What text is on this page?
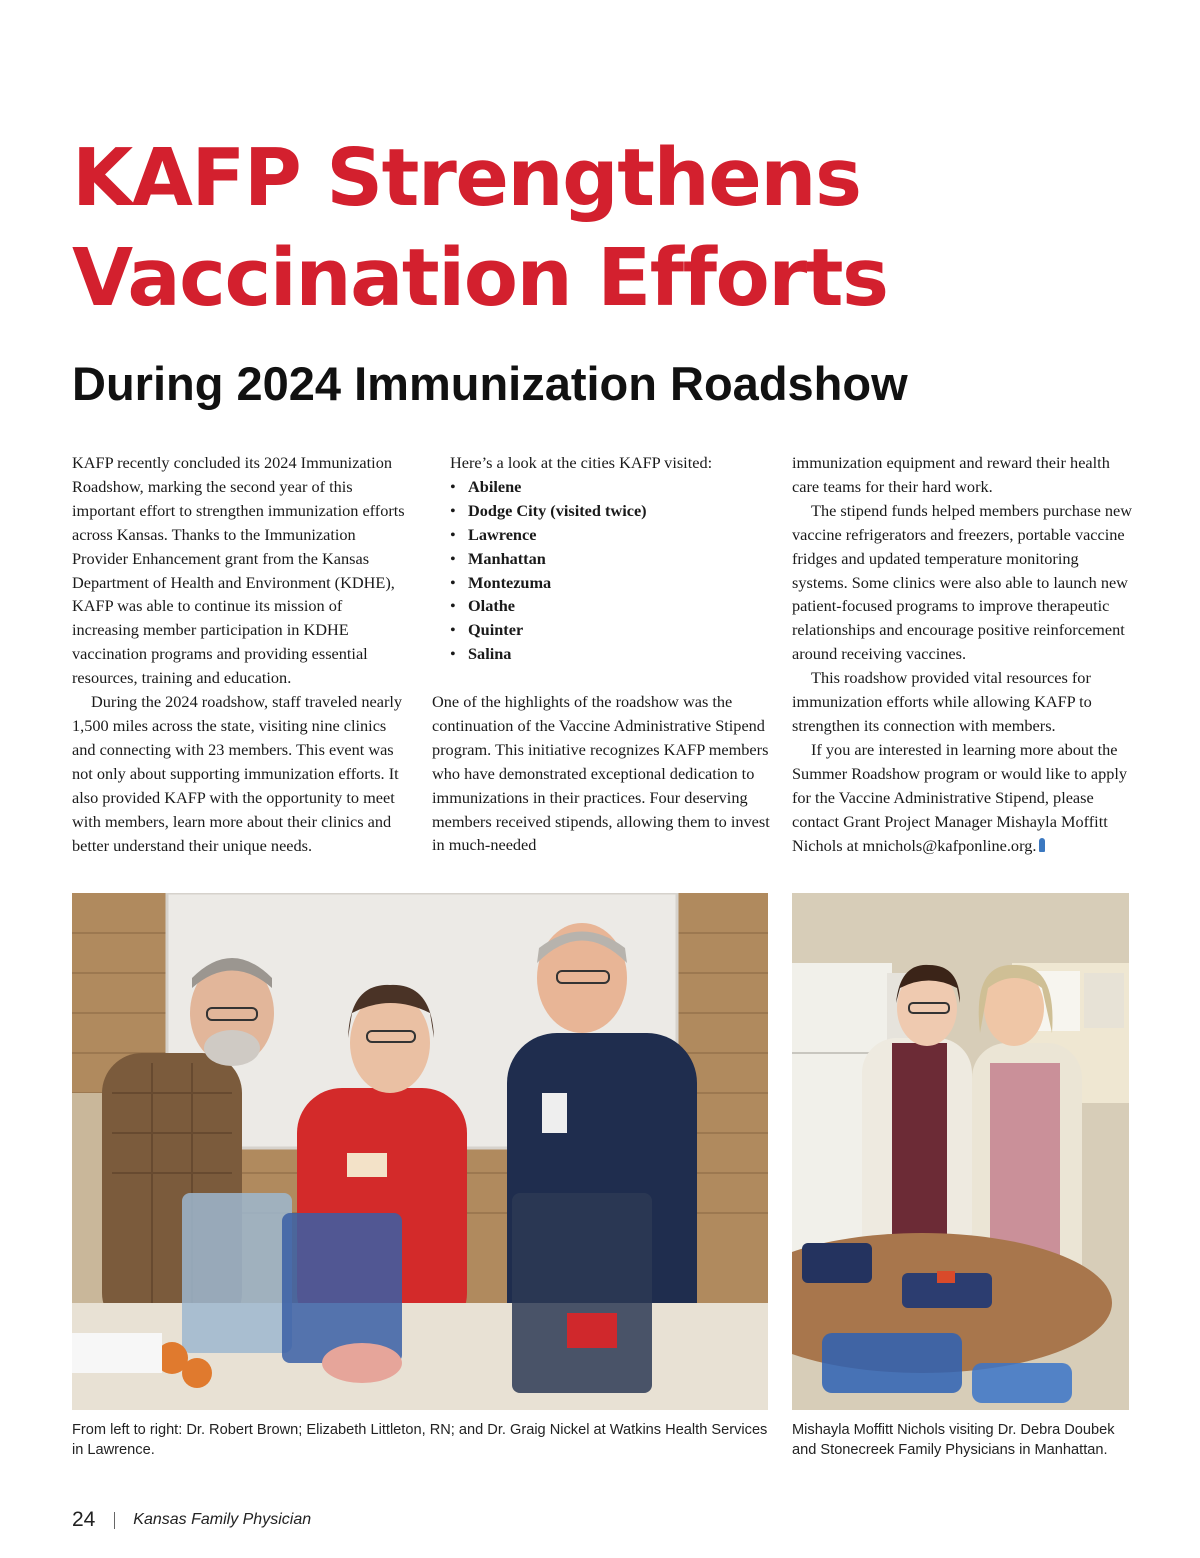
KAFP Strengthens
Vaccination Efforts
During 2024 Immunization Roadshow

KAFP recently concluded its 2024 Immunization Roadshow, marking the second year of this important effort to strengthen immunization efforts across Kansas. Thanks to the Immunization Provider Enhancement grant from the Kansas Department of Health and Environment (KDHE), KAFP was able to continue its mission of increasing member participation in KDHE vaccination programs and providing essential resources, training and education.

During the 2024 roadshow, staff traveled nearly 1,500 miles across the state, visiting nine clinics and connecting with 23 members. This event was not only about supporting immunization efforts. It also provided KAFP with the opportunity to meet with members, learn more about their clinics and better understand their unique needs.

Here’s a look at the cities KAFP visited:

• Abilene
• Dodge City (visited twice)
• Lawrence
• Manhattan
• Montezuma
• Olathe
• Quinter
• Salina

One of the highlights of the roadshow was the continuation of the Vaccine Administrative Stipend program. This initiative recognizes KAFP members who have demonstrated exceptional dedication to immunizations in their practices. Four deserving members received stipends, allowing them to invest in much-needed

immunization equipment and reward their health care teams for their hard work.

The stipend funds helped members purchase new vaccine refrigerators and freezers, portable vaccine fridges and updated temperature monitoring systems. Some clinics were also able to launch new patient-focused programs to improve therapeutic relationships and encourage positive reinforcement around receiving vaccines.

This roadshow provided vital resources for immunization efforts while allowing KAFP to strengthen its connection with members.

If you are interested in learning more about the Summer Roadshow program or would like to apply for the Vaccine Administrative Stipend, please contact Grant Project Manager Mishayla Moffitt Nichols at mnichols@kafponline.org.

From left to right: Dr. Robert Brown; Elizabeth Littleton, RN; and Dr. Graig Nickel at Watkins Health Services in Lawrence.
Mishayla Moffitt Nichols visiting Dr. Debra Doubek and Stonecreek Family Physicians in Manhattan.
24 Kansas Family Physician
